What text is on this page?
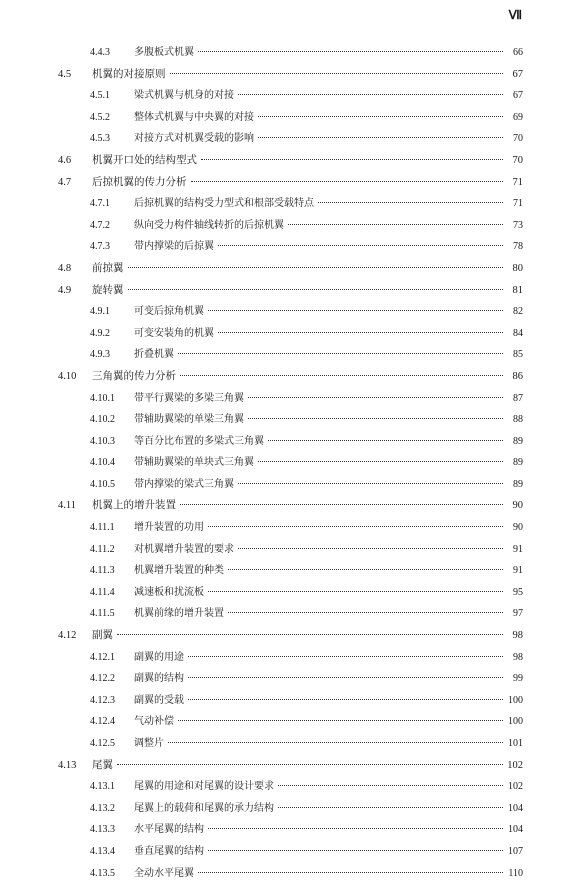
Ⅶ
4.4.3	多腹板式机翼	66
4.5	机翼的对接原则	67
4.5.1	梁式机翼与机身的对接	67
4.5.2	整体式机翼与中央翼的对接	69
4.5.3	对接方式对机翼受载的影响	70
4.6	机翼开口处的结构型式	70
4.7	后掠机翼的传力分析	71
4.7.1	后掠机翼的结构受力型式和根部受载特点	71
4.7.2	纵向受力构件轴线转折的后掠机翼	73
4.7.3	带内撑梁的后掠翼	78
4.8	前掠翼	80
4.9	旋转翼	81
4.9.1	可变后掠角机翼	82
4.9.2	可变安装角的机翼	84
4.9.3	折叠机翼	85
4.10	三角翼的传力分析	86
4.10.1	带平行翼梁的多梁三角翼	87
4.10.2	带辅助翼梁的单梁三角翼	88
4.10.3	等百分比布置的多梁式三角翼	89
4.10.4	带辅助翼梁的单块式三角翼	89
4.10.5	带内撑梁的梁式三角翼	89
4.11	机翼上的增升装置	90
4.11.1	增升装置的功用	90
4.11.2	对机翼增升装置的要求	91
4.11.3	机翼增升装置的种类	91
4.11.4	减速板和扰流板	95
4.11.5	机翼前缘的增升装置	97
4.12	副翼	98
4.12.1	副翼的用途	98
4.12.2	副翼的结构	99
4.12.3	副翼的受载	100
4.12.4	气动补偿	100
4.12.5	调整片	101
4.13	尾翼	102
4.13.1	尾翼的用途和对尾翼的设计要求	102
4.13.2	尾翼上的载荷和尾翼的承力结构	104
4.13.3	水平尾翼的结构	104
4.13.4	垂直尾翼的结构	107
4.13.5	全动水平尾翼	110
